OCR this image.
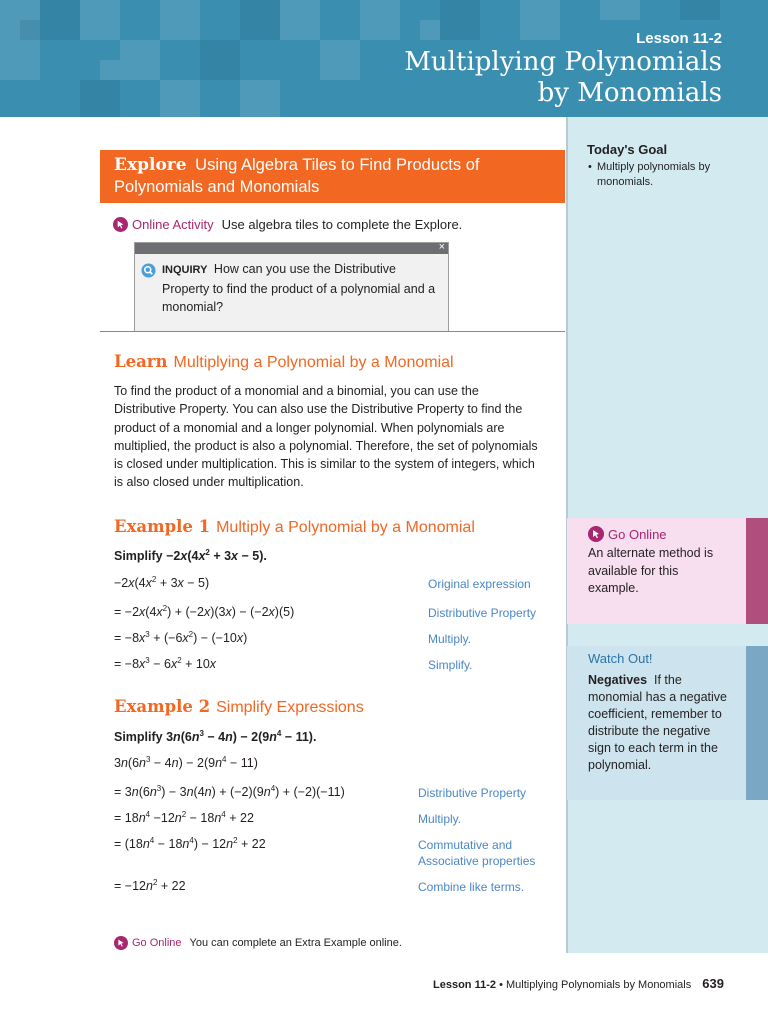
Lesson 11-2
Multiplying Polynomials
by Monomials
Today's Goal
• Multiply polynomials by monomials.
Go Online
An alternate method is available for this example.
Watch Out!
Negatives If the monomial has a negative coefficient, remember to distribute the negative sign to each term in the polynomial.
Explore Using Algebra Tiles to Find Products of Polynomials and Monomials
Online Activity Use algebra tiles to complete the Explore.
×
INQUIRY How can you use the Distributive Property to find the product of a polynomial and a monomial?
Learn Multiplying a Polynomial by a Monomial
To find the product of a monomial and a binomial, you can use the Distributive Property. You can also use the Distributive Property to find the product of a monomial and a longer polynomial. When polynomials are multiplied, the product is also a polynomial. Therefore, the set of polynomials is closed under multiplication. This is similar to the system of integers, which is also closed under multiplication.
Example 1 Multiply a Polynomial by a Monomial
Simplify $-2x(4x^2 + 3x - 5)$.
$-2x(4x^2 + 3x - 5)$
= $-2x(4x^2) + (-2x)(3x) - (-2x)(5)$
= $-8x^3 + (-6x^2) - (-10x)$
= $-8x^3 - 6x^2 + 10x$
Original expression
Distributive Property
Multiply.
Simplify.
Example 2 Simplify Expressions
Simplify $3n(6n^3 - 4n) - 2(9n^4 - 11)$.
$3n(6n^3 - 4n) - 2(9n^4 - 11)$
= $3n(6n^3) - 3n(4n) + (-2)(9n^4) + (-2)(-11)$
= $18n^4 -12n^2 - 18n^4 + 22$
= $(18n^4 - 18n^4) - 12n^2 + 22$
= $-12n^2 + 22$
Distributive Property
Multiply.
Commutative and
Associative properties
Combine like terms.
Go Online You can complete an Extra Example online.
Lesson 11-2 • Multiplying Polynomials by Monomials 639
